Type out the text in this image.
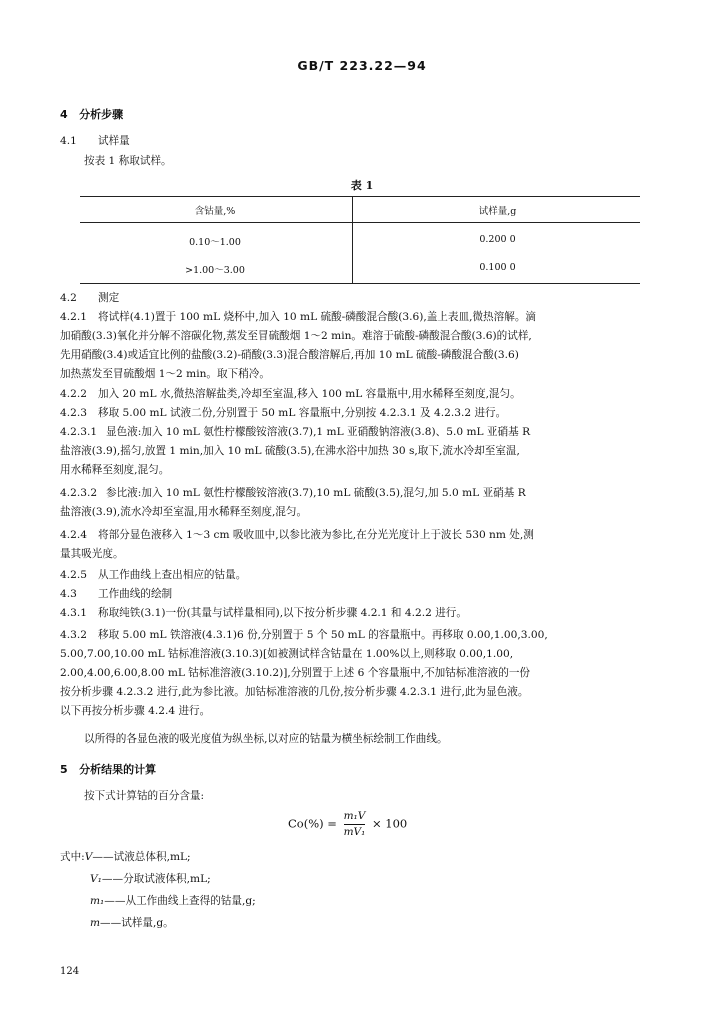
GB/T 223.22—94
4 分析步骤
4.1 试样量
按表 1 称取试样。
表 1
含钴量,%	试样量,g
0.10～1.00	0.200 0
>1.00～3.00	0.100 0
4.2 测定
4.2.1 将试样(4.1)置于 100 mL 烧杯中,加入 10 mL 硫酸-磷酸混合酸(3.6),盖上表皿,微热溶解。滴
加硝酸(3.3)氧化并分解不溶碳化物,蒸发至冒硫酸烟 1～2 min。难溶于硫酸-磷酸混合酸(3.6)的试样,
先用硝酸(3.4)或适宜比例的盐酸(3.2)-硝酸(3.3)混合酸溶解后,再加 10 mL 硫酸-磷酸混合酸(3.6)
加热蒸发至冒硫酸烟 1～2 min。取下稍冷。
4.2.2 加入 20 mL 水,微热溶解盐类,冷却至室温,移入 100 mL 容量瓶中,用水稀释至刻度,混匀。
4.2.3 移取 5.00 mL 试液二份,分别置于 50 mL 容量瓶中,分别按 4.2.3.1 及 4.2.3.2 进行。
4.2.3.1 显色液:加入 10 mL 氨性柠檬酸铵溶液(3.7),1 mL 亚硝酸钠溶液(3.8)、5.0 mL 亚硝基 R
盐溶液(3.9),摇匀,放置 1 min,加入 10 mL 硫酸(3.5),在沸水浴中加热 30 s,取下,流水冷却至室温,
用水稀释至刻度,混匀。
4.2.3.2 参比液:加入 10 mL 氨性柠檬酸铵溶液(3.7),10 mL 硫酸(3.5),混匀,加 5.0 mL 亚硝基 R
盐溶液(3.9),流水冷却至室温,用水稀释至刻度,混匀。
4.2.4 将部分显色液移入 1～3 cm 吸收皿中,以参比液为参比,在分光光度计上于波长 530 nm 处,测
量其吸光度。
4.2.5 从工作曲线上查出相应的钴量。
4.3 工作曲线的绘制
4.3.1 称取纯铁(3.1)一份(其量与试样量相同),以下按分析步骤 4.2.1 和 4.2.2 进行。
4.3.2 移取 5.00 mL 铁溶液(4.3.1)6 份,分别置于 5 个 50 mL 的容量瓶中。再移取 0.00,1.00,3.00,
5.00,7.00,10.00 mL 钴标准溶液(3.10.3)[如被测试样含钴量在 1.00%以上,则移取 0.00,1.00,
2.00,4.00,6.00,8.00 mL 钴标准溶液(3.10.2)],分别置于上述 6 个容量瓶中,不加钴标准溶液的一份
按分析步骤 4.2.3.2 进行,此为参比液。加钴标准溶液的几份,按分析步骤 4.2.3.1 进行,此为显色液。
以下再按分析步骤 4.2.4 进行。
以所得的各显色液的吸光度值为纵坐标,以对应的钴量为横坐标绘制工作曲线。
5 分析结果的计算
按下式计算钴的百分含量:
$Co(\%) = \frac{\text{m₁V}}{\text{mV₁}} \times 100$
式中:V——试液总体积,mL;
V₁——分取试液体积,mL;
m₁——从工作曲线上查得的钴量,g;
m——试样量,g。
124
